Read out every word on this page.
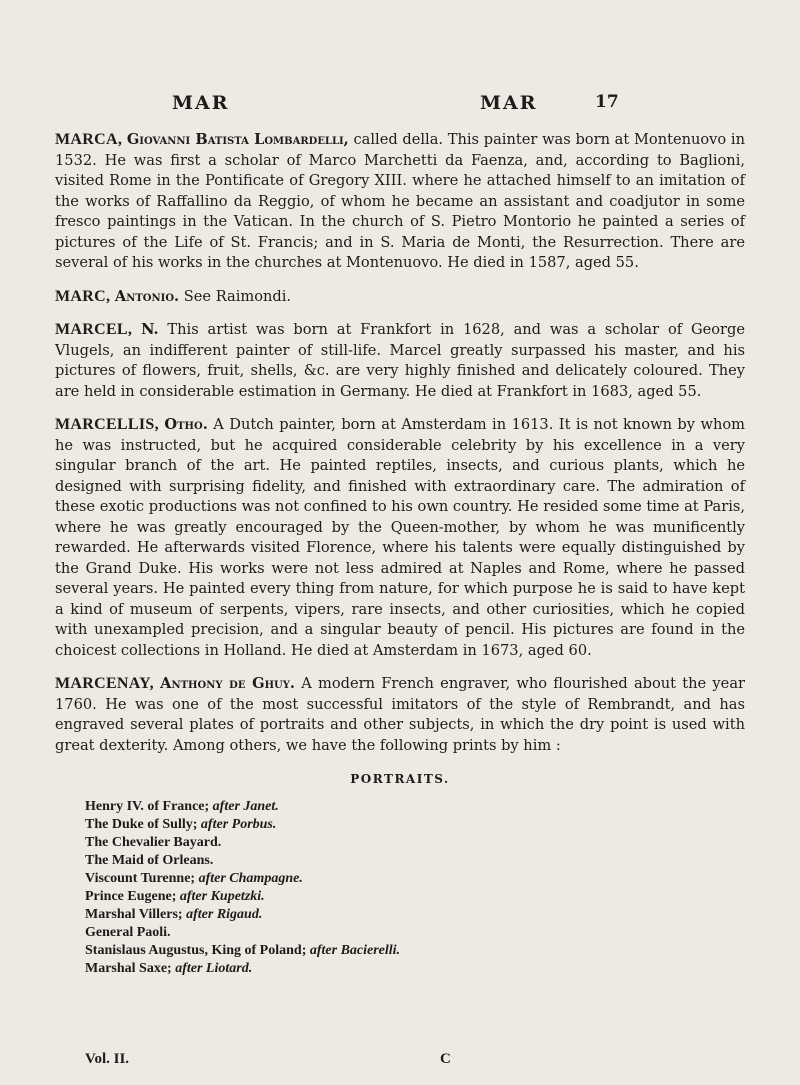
MAR	MAR	17

MARCA, Giovanni Batista Lombardelli, called della. This painter was born at Montenuovo in 1532. He was first a scholar of Marco Marchetti da Faenza, and, according to Baglioni, visited Rome in the Pontificate of Gregory XIII. where he attached himself to an imitation of the works of Raffallino da Reggio, of whom he became an assistant and coadjutor in some fresco paintings in the Vatican. In the church of S. Pietro Montorio he painted a series of pictures of the Life of St. Francis; and in S. Maria de Monti, the Resurrection. There are several of his works in the churches at Montenuovo. He died in 1587, aged 55.

MARC, Antonio. See Raimondi.

MARCEL, N. This artist was born at Frankfort in 1628, and was a scholar of George Vlugels, an indifferent painter of still-life. Marcel greatly surpassed his master, and his pictures of flowers, fruit, shells, &c. are very highly finished and delicately coloured. They are held in considerable estimation in Germany. He died at Frankfort in 1683, aged 55.

MARCELLIS, Otho. A Dutch painter, born at Amsterdam in 1613. It is not known by whom he was instructed, but he acquired considerable celebrity by his excellence in a very singular branch of the art. He painted reptiles, insects, and curious plants, which he designed with surprising fidelity, and finished with extraordinary care. The admiration of these exotic productions was not confined to his own country. He resided some time at Paris, where he was greatly encouraged by the Queen-mother, by whom he was munificently rewarded. He afterwards visited Florence, where his talents were equally distinguished by the Grand Duke. His works were not less admired at Naples and Rome, where he passed several years. He painted every thing from nature, for which purpose he is said to have kept a kind of museum of serpents, vipers, rare insects, and other curiosities, which he copied with unexampled precision, and a singular beauty of pencil. His pictures are found in the choicest collections in Holland. He died at Amsterdam in 1673, aged 60.

MARCENAY, Anthony de Ghuy. A modern French engraver, who flourished about the year 1760. He was one of the most successful imitators of the style of Rembrandt, and has engraved several plates of portraits and other subjects, in which the dry point is used with great dexterity. Among others, we have the following prints by him :

PORTRAITS.
Henry IV. of France; after Janet.
The Duke of Sully; after Porbus.
The Chevalier Bayard.
The Maid of Orleans.
Viscount Turenne; after Champagne.
Prince Eugene; after Kupetzki.
Marshal Villers; after Rigaud.
General Paoli.
Stanislaus Augustus, King of Poland; after Bacierelli.
Marshal Saxe; after Liotard.
Vol. II.	C
